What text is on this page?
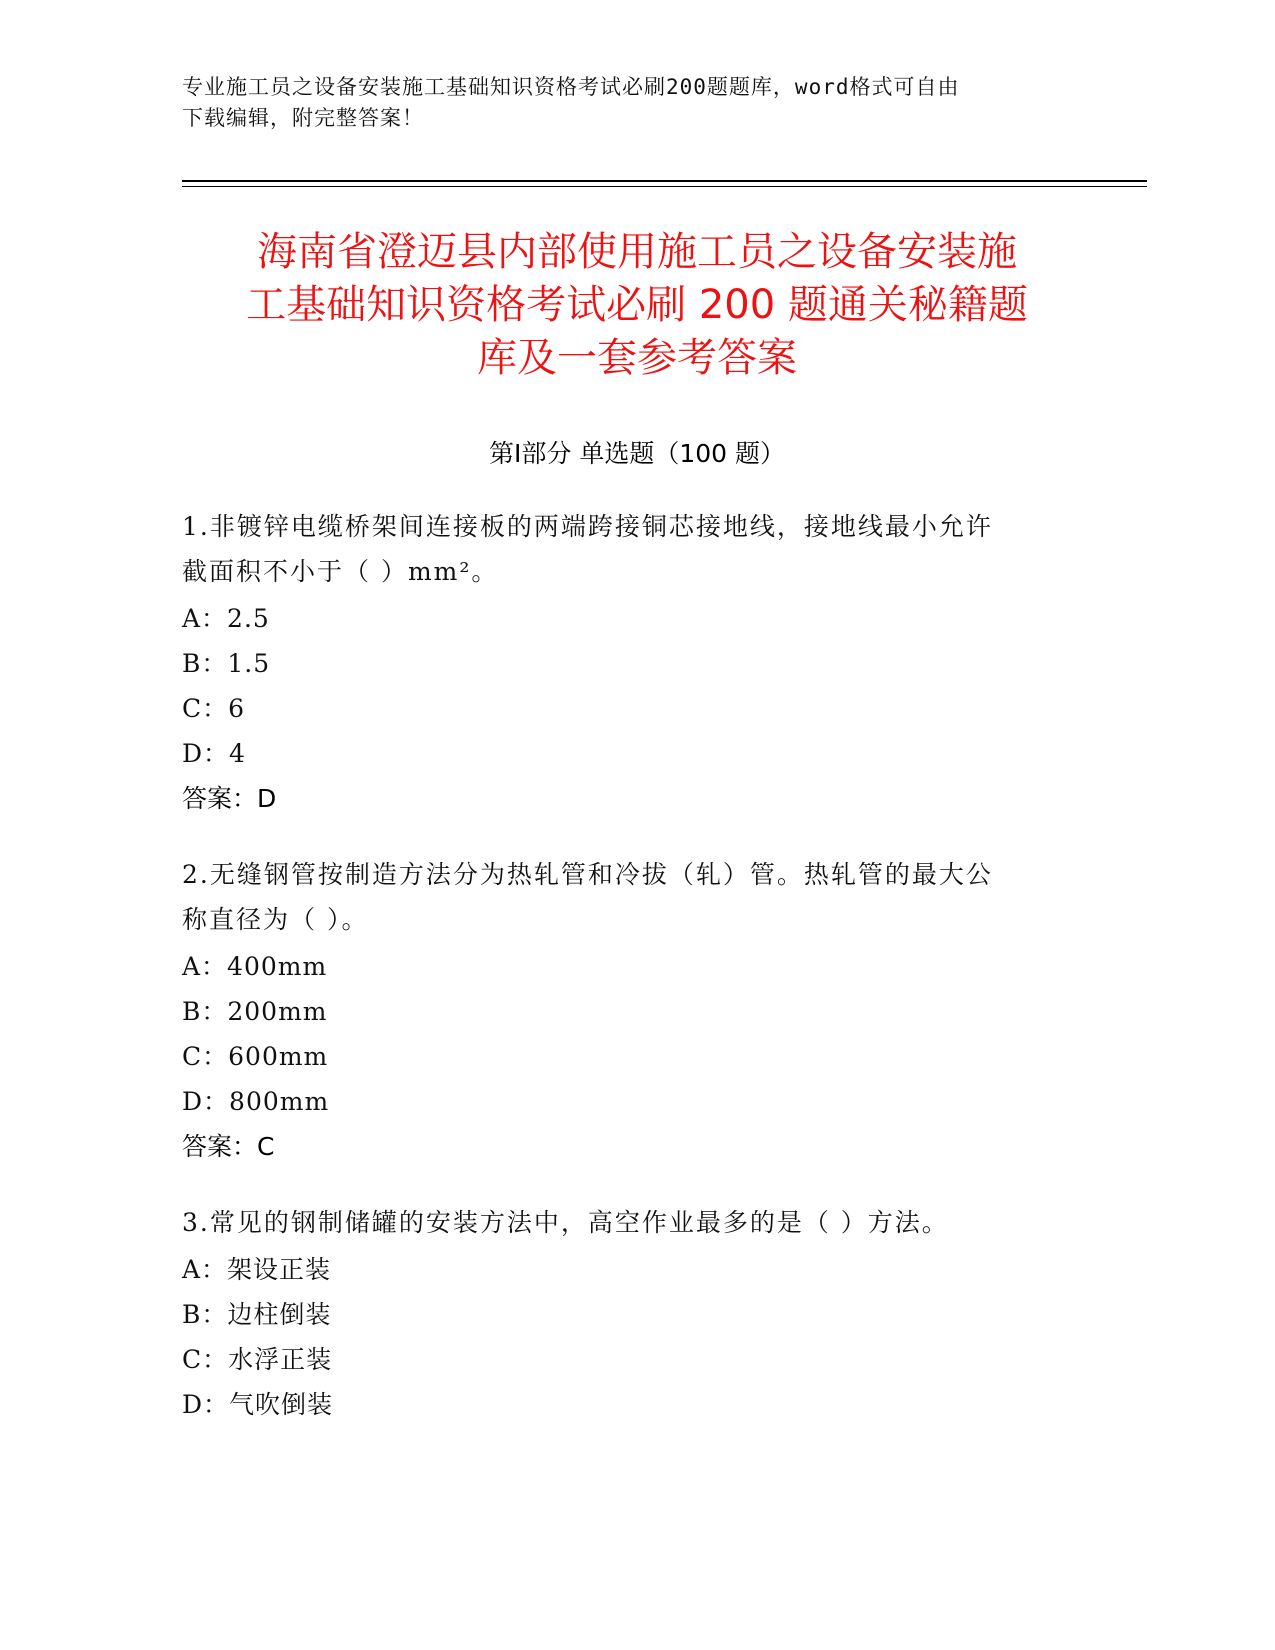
专业施工员之设备安装施工基础知识资格考试必刷200题题库，word格式可自由
下载编辑，附完整答案！
海南省澄迈县内部使用施工员之设备安装施
工基础知识资格考试必刷 200 题通关秘籍题
库及一套参考答案
第Ⅰ部分 单选题（100 题）
1.非镀锌电缆桥架间连接板的两端跨接铜芯接地线，接地线最小允许
截面积不小于（ ）mm²。
A：2.5
B：1.5
C：6
D：4
答案：D
2.无缝钢管按制造方法分为热轧管和冷拔（轧）管。热轧管的最大公
称直径为（ ）。
A：400mm
B：200mm
C：600mm
D：800mm
答案：C
3.常见的钢制储罐的安装方法中，高空作业最多的是（ ）方法。
A：架设正装
B：边柱倒装
C：水浮正装
D：气吹倒装
